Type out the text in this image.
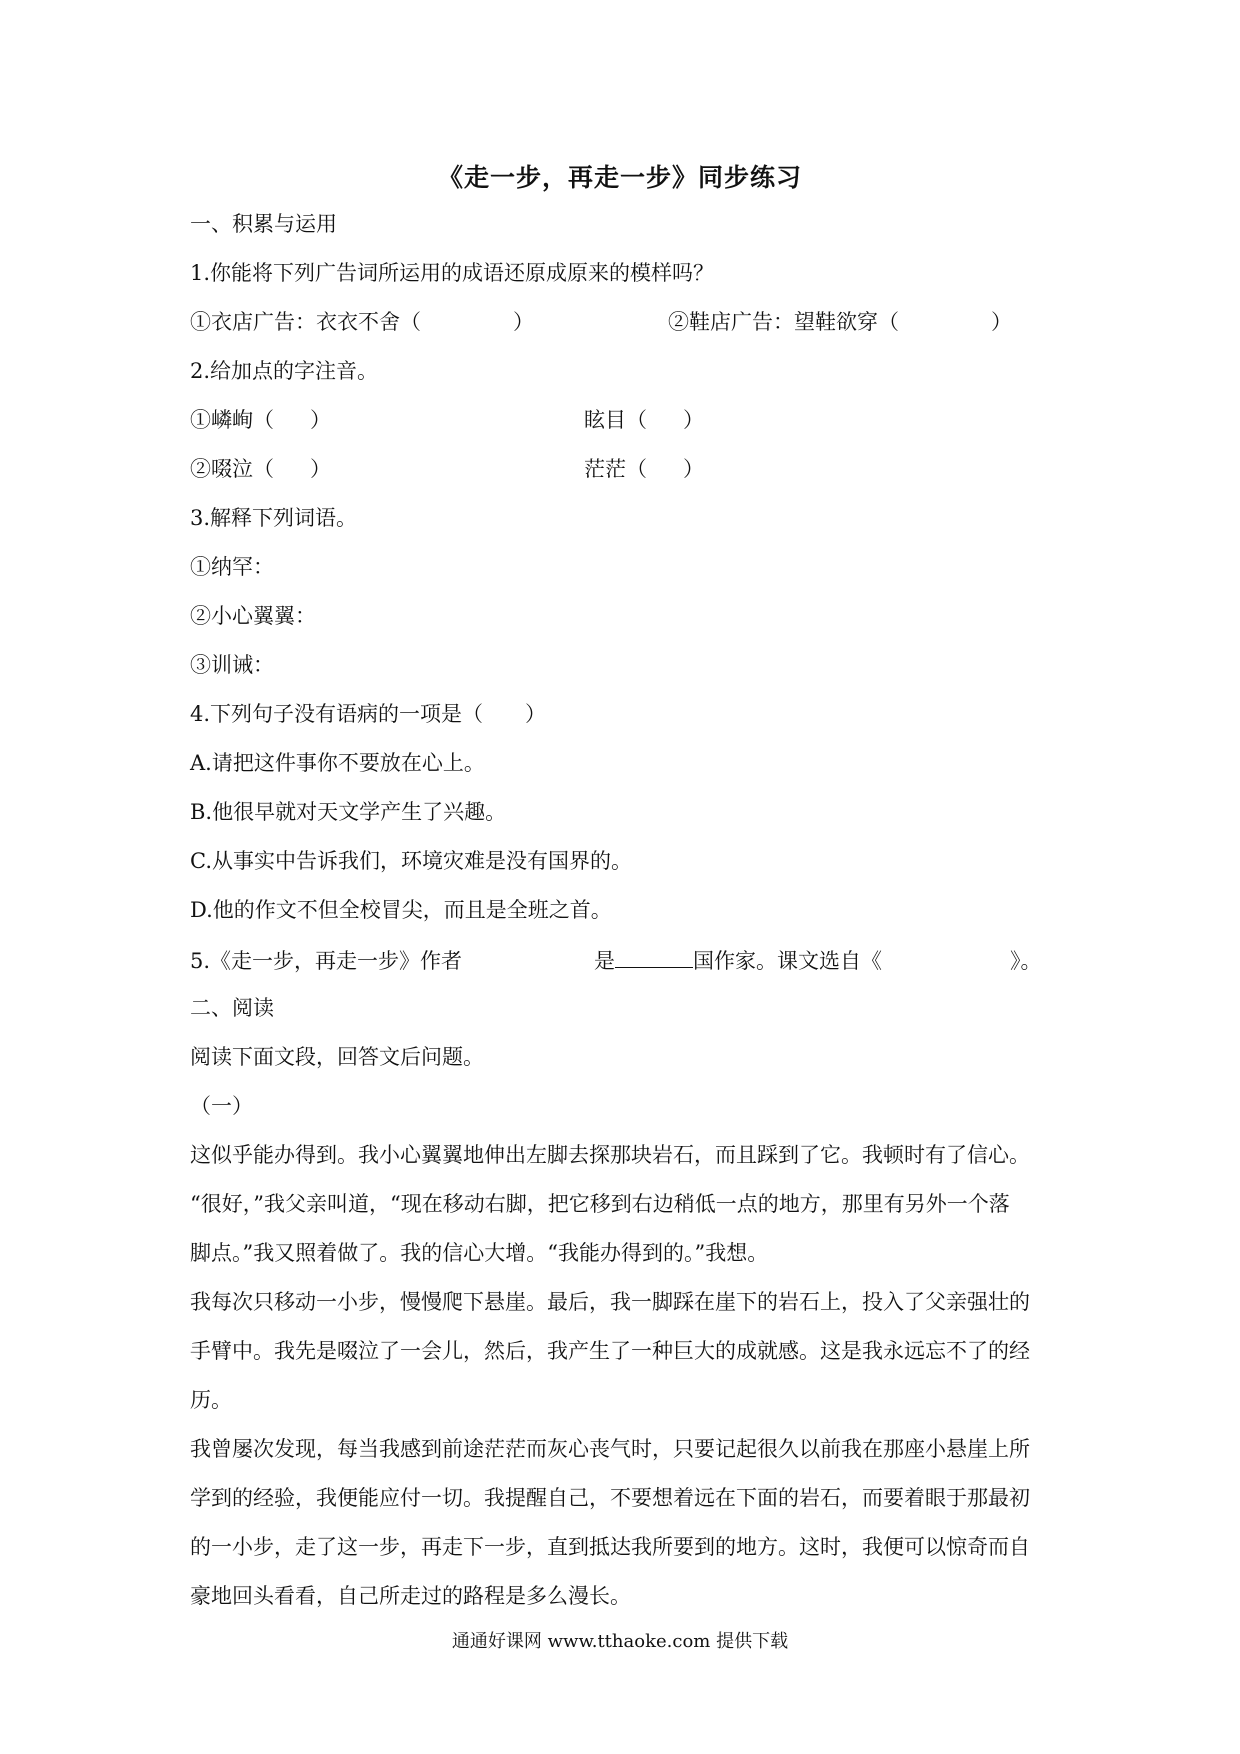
《走一步，再走一步》同步练习
一、积累与运用
1.你能将下列广告词所运用的成语还原成原来的模样吗？
①衣店广告：衣衣不舍（	）	②鞋店广告：望鞋欲穿（	）
2.给加点的字注音。
①嶙峋（ ）	眩目（ ）
②啜泣（ ）	茫茫（ ）
3.解释下列词语。
①纳罕：
②小心翼翼：
③训诫：
4.下列句子没有语病的一项是（　　）
A.请把这件事你不要放在心上。
B.他很早就对天文学产生了兴趣。
C.从事实中告诉我们，环境灾难是没有国界的。
D.他的作文不但全校冒尖，而且是全班之首。
5.《走一步，再走一步》作者	是	国作家。课文选自《	》。
二、阅读
阅读下面文段，回答文后问题。
（一）
这似乎能办得到。我小心翼翼地伸出左脚去探那块岩石，而且踩到了它。我顿时有了信心。
“很好，”我父亲叫道，“现在移动右脚，把它移到右边稍低一点的地方，那里有另外一个落
脚点。”我又照着做了。我的信心大增。“我能办得到的。”我想。
我每次只移动一小步，慢慢爬下悬崖。最后，我一脚踩在崖下的岩石上，投入了父亲强壮的
手臂中。我先是啜泣了一会儿，然后，我产生了一种巨大的成就感。这是我永远忘不了的经
历。
我曾屡次发现，每当我感到前途茫茫而灰心丧气时，只要记起很久以前我在那座小悬崖上所
学到的经验，我便能应付一切。我提醒自己，不要想着远在下面的岩石，而要着眼于那最初
的一小步，走了这一步，再走下一步，直到抵达我所要到的地方。这时，我便可以惊奇而自
豪地回头看看，自己所走过的路程是多么漫长。
通通好课网 www.tthaoke.com 提供下载
